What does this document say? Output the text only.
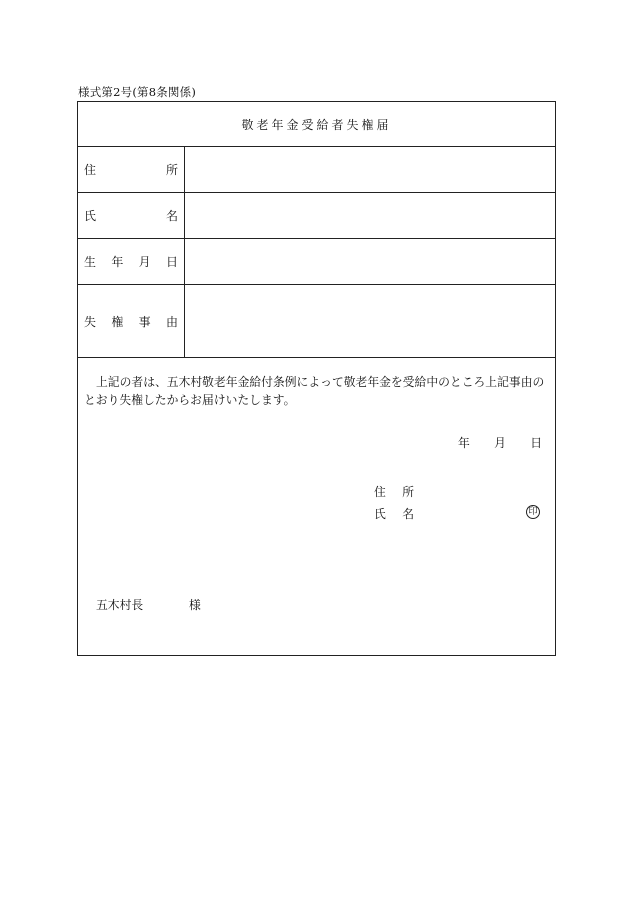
様式第2号(第8条関係)
敬老年金受給者失権届
住	所
氏	名
生 年 月 日
失 権 事 由
上記の者は、五木村敬老年金給付条例によって敬老年金を受給中のところ上記事由のとおり失権したからお届けいたします。
年 月 日
住 所
氏 名	印
五木村長	様
